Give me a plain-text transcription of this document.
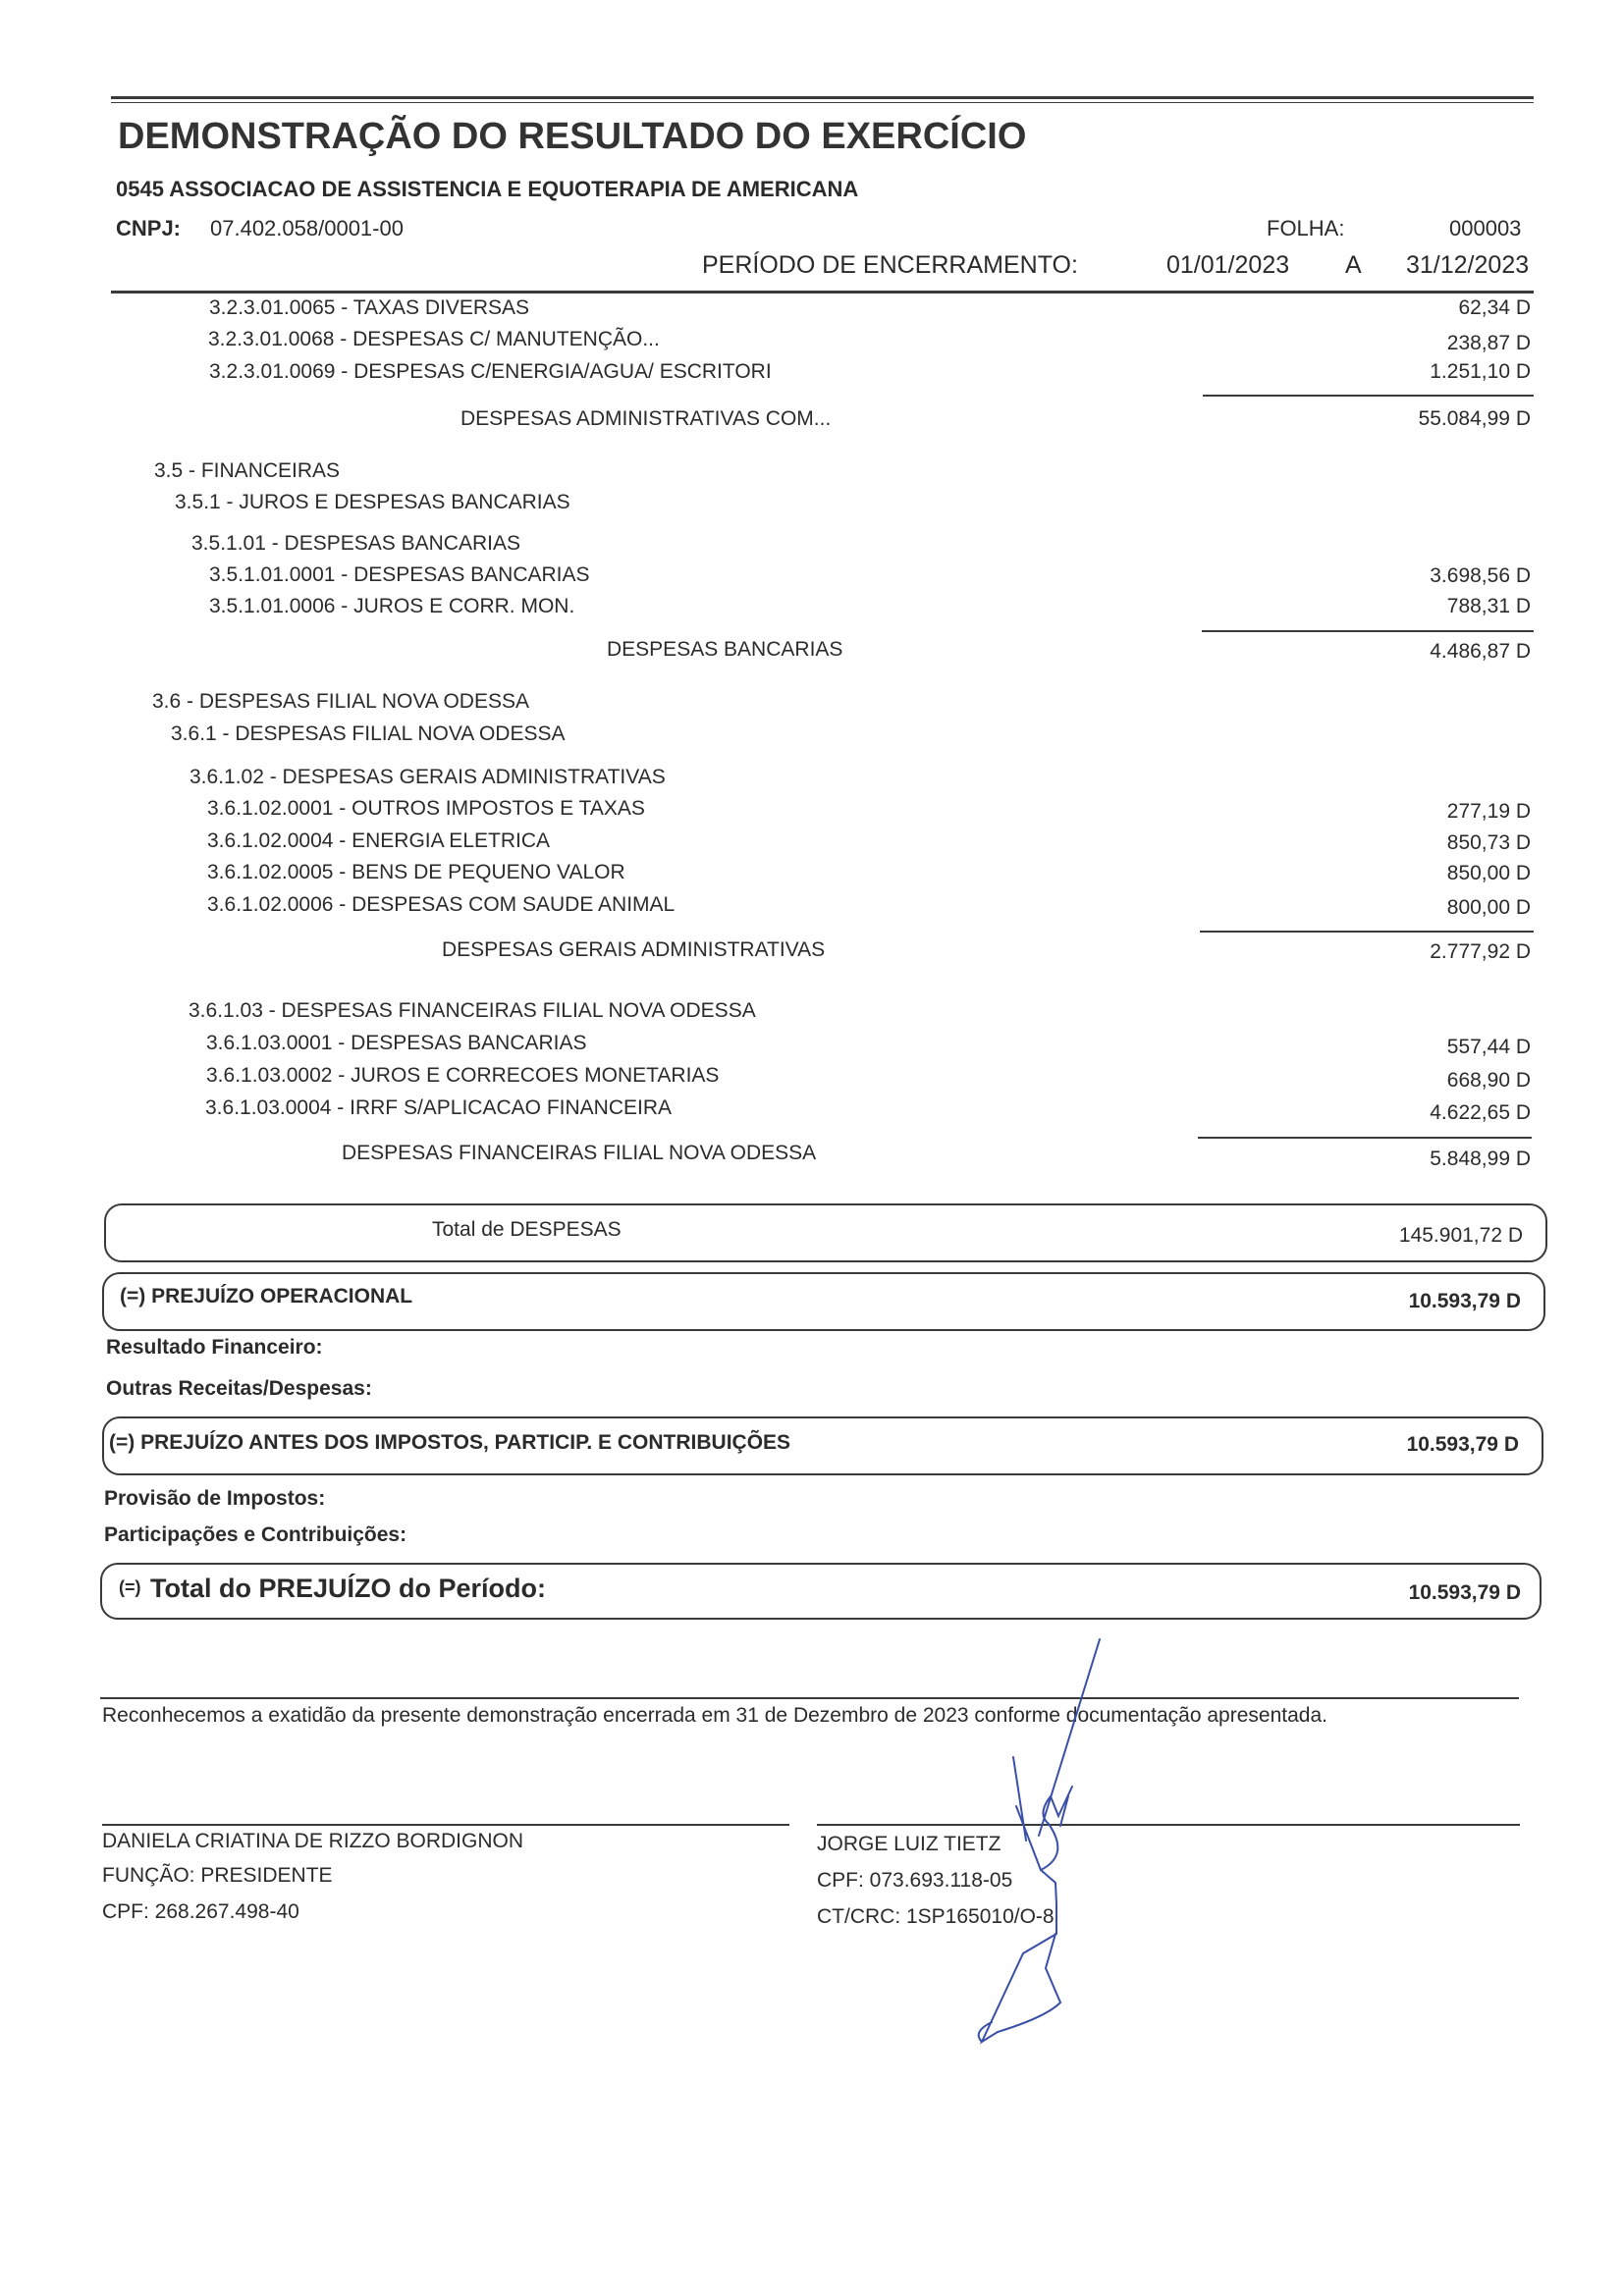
DEMONSTRAÇÃO DO RESULTADO DO EXERCÍCIO
0545 ASSOCIACAO DE ASSISTENCIA E EQUOTERAPIA DE AMERICANA
CNPJ: 07.402.058/0001-00	FOLHA:	000003
PERÍODO DE ENCERRAMENTO:	01/01/2023 A 31/12/2023
3.2.3.01.0065 - TAXAS DIVERSAS	62,34 D
3.2.3.01.0068 - DESPESAS C/ MANUTENÇÃO...	238,87 D
3.2.3.01.0069 - DESPESAS C/ENERGIA/AGUA/ ESCRITORI	1.251,10 D
DESPESAS ADMINISTRATIVAS COM...	55.084,99 D
3.5 - FINANCEIRAS
3.5.1 - JUROS E DESPESAS BANCARIAS
3.5.1.01 - DESPESAS BANCARIAS
3.5.1.01.0001 - DESPESAS BANCARIAS	3.698,56 D
3.5.1.01.0006 - JUROS E CORR. MON.	788,31 D
DESPESAS BANCARIAS	4.486,87 D
3.6 - DESPESAS FILIAL NOVA ODESSA
3.6.1 - DESPESAS FILIAL NOVA ODESSA
3.6.1.02 - DESPESAS GERAIS ADMINISTRATIVAS
3.6.1.02.0001 - OUTROS IMPOSTOS E TAXAS	277,19 D
3.6.1.02.0004 - ENERGIA ELETRICA	850,73 D
3.6.1.02.0005 - BENS DE PEQUENO VALOR	850,00 D
3.6.1.02.0006 - DESPESAS COM SAUDE ANIMAL	800,00 D
DESPESAS GERAIS ADMINISTRATIVAS	2.777,92 D
3.6.1.03 - DESPESAS FINANCEIRAS FILIAL NOVA ODESSA
3.6.1.03.0001 - DESPESAS BANCARIAS	557,44 D
3.6.1.03.0002 - JUROS E CORRECOES MONETARIAS	668,90 D
3.6.1.03.0004 - IRRF S/APLICACAO FINANCEIRA	4.622,65 D
DESPESAS FINANCEIRAS FILIAL NOVA ODESSA	5.848,99 D
Total de DESPESAS	145.901,72 D
(=) PREJUÍZO OPERACIONAL	10.593,79 D
Resultado Financeiro:
Outras Receitas/Despesas:
(=) PREJUÍZO ANTES DOS IMPOSTOS, PARTICIP. E CONTRIBUIÇÕES	10.593,79 D
Provisão de Impostos:
Participações e Contribuições:
(=) Total do PREJUÍZO do Período:	10.593,79 D
Reconhecemos a exatidão da presente demonstração encerrada em 31 de Dezembro de 2023 conforme documentação apresentada.
DANIELA CRIATINA DE RIZZO BORDIGNON
FUNÇÃO: PRESIDENTE
CPF: 268.267.498-40
JORGE LUIZ TIETZ
CPF: 073.693.118-05
CT/CRC: 1SP165010/O-8
